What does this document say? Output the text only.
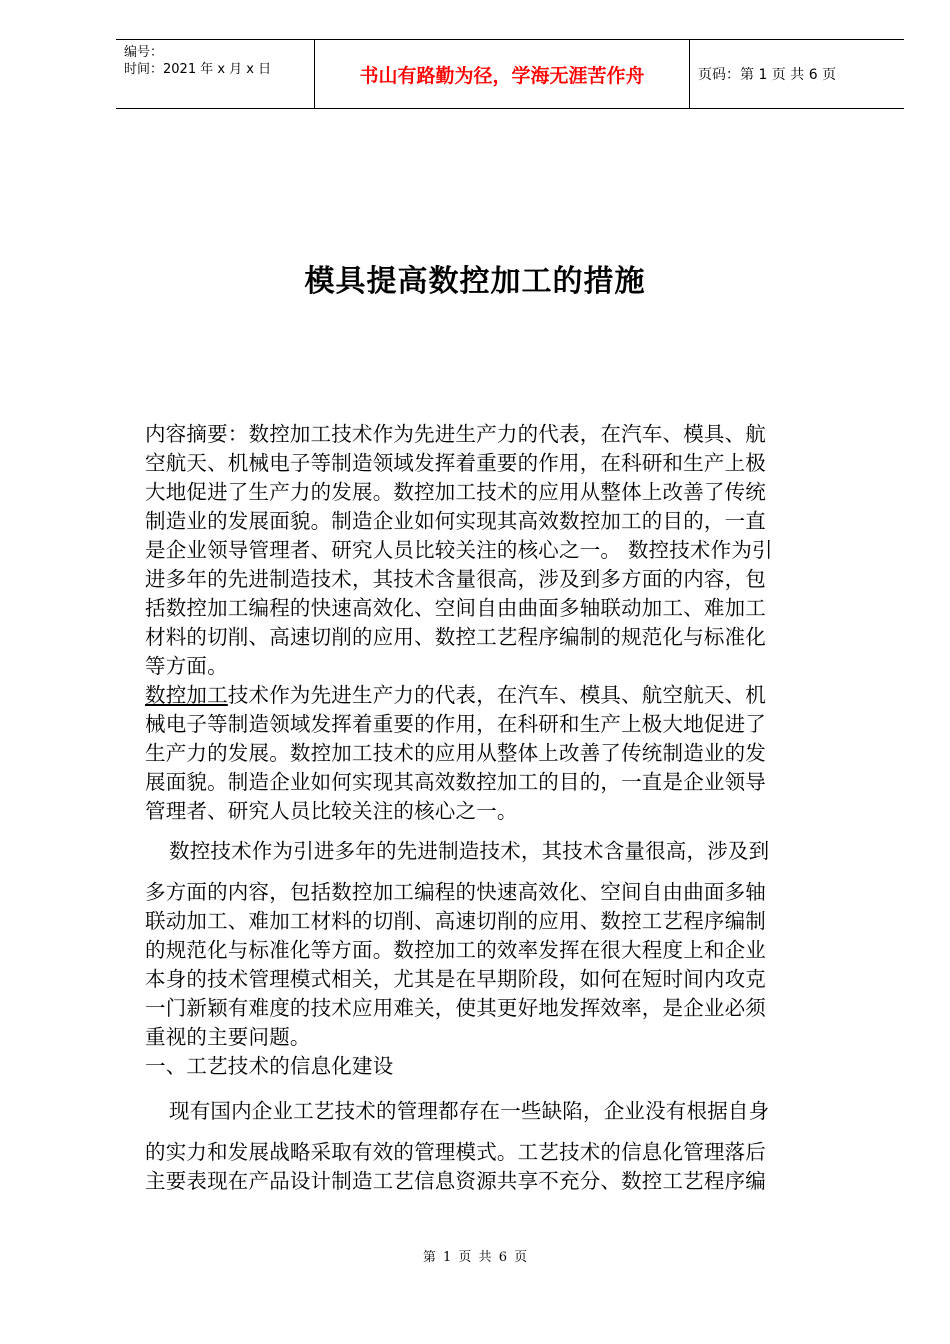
编号：
时间：2021 年 x 月 x 日	书山有路勤为径，学海无涯苦作舟	页码：第 1 页 共 6 页
模具提高数控加工的措施
内容摘要：数控加工技术作为先进生产力的代表，在汽车、模具、航
空航天、机械电子等制造领域发挥着重要的作用，在科研和生产上极
大地促进了生产力的发展。数控加工技术的应用从整体上改善了传统
制造业的发展面貌。制造企业如何实现其高效数控加工的目的，一直
是企业领导管理者、研究人员比较关注的核心之一。 数控技术作为引
进多年的先进制造技术，其技术含量很高，涉及到多方面的内容，包
括数控加工编程的快速高效化、空间自由曲面多轴联动加工、难加工
材料的切削、高速切削的应用、数控工艺程序编制的规范化与标准化
等方面。
数控加工技术作为先进生产力的代表，在汽车、模具、航空航天、机
械电子等制造领域发挥着重要的作用，在科研和生产上极大地促进了
生产力的发展。数控加工技术的应用从整体上改善了传统制造业的发
展面貌。制造企业如何实现其高效数控加工的目的，一直是企业领导
管理者、研究人员比较关注的核心之一。
数控技术作为引进多年的先进制造技术，其技术含量很高，涉及到
多方面的内容，包括数控加工编程的快速高效化、空间自由曲面多轴
联动加工、难加工材料的切削、高速切削的应用、数控工艺程序编制
的规范化与标准化等方面。数控加工的效率发挥在很大程度上和企业
本身的技术管理模式相关，尤其是在早期阶段，如何在短时间内攻克
一门新颖有难度的技术应用难关，使其更好地发挥效率，是企业必须
重视的主要问题。
一、工艺技术的信息化建设
现有国内企业工艺技术的管理都存在一些缺陷，企业没有根据自身
的实力和发展战略采取有效的管理模式。工艺技术的信息化管理落后
主要表现在产品设计制造工艺信息资源共享不充分、数控工艺程序编
第 1 页 共 6 页
